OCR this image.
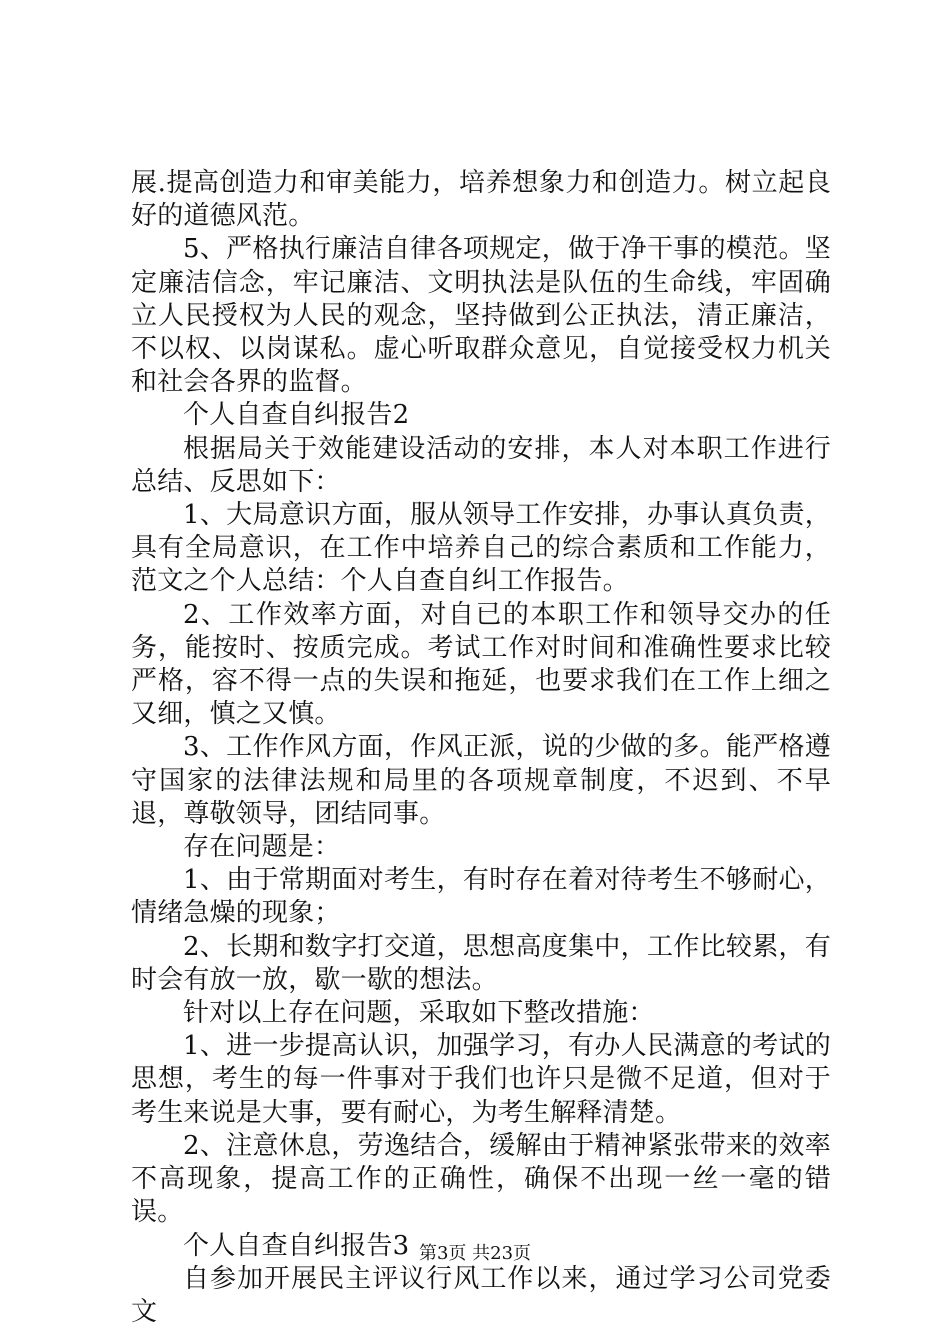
展.提高创造力和审美能力，培养想象力和创造力。树立起良好的道德风范。

5、严格执行廉洁自律各项规定，做于净干事的模范。坚定廉洁信念，牢记廉洁、文明执法是队伍的生命线，牢固确立人民授权为人民的观念，坚持做到公正执法，清正廉洁，不以权、以岗谋私。虚心听取群众意见，自觉接受权力机关和社会各界的监督。

个人自查自纠报告2

根据局关于效能建设活动的安排，本人对本职工作进行总结、反思如下：

1、大局意识方面，服从领导工作安排，办事认真负责，具有全局意识，在工作中培养自己的综合素质和工作能力，范文之个人总结：个人自查自纠工作报告。

2、工作效率方面，对自已的本职工作和领导交办的任务，能按时、按质完成。考试工作对时间和准确性要求比较严格，容不得一点的失误和拖延，也要求我们在工作上细之又细，慎之又慎。

3、工作作风方面，作风正派，说的少做的多。能严格遵守国家的法律法规和局里的各项规章制度，不迟到、不早退，尊敬领导，团结同事。

存在问题是：

1、由于常期面对考生，有时存在着对待考生不够耐心，情绪急燥的现象；

2、长期和数字打交道，思想高度集中，工作比较累，有时会有放一放，歇一歇的想法。

针对以上存在问题，采取如下整改措施：

1、进一步提高认识，加强学习，有办人民满意的考试的思想，考生的每一件事对于我们也许只是微不足道，但对于考生来说是大事，要有耐心，为考生解释清楚。

2、注意休息，劳逸结合，缓解由于精神紧张带来的效率不高现象，提高工作的正确性，确保不出现一丝一毫的错误。

个人自查自纠报告3

自参加开展民主评议行风工作以来，通过学习公司党委文

第3页 共23页
